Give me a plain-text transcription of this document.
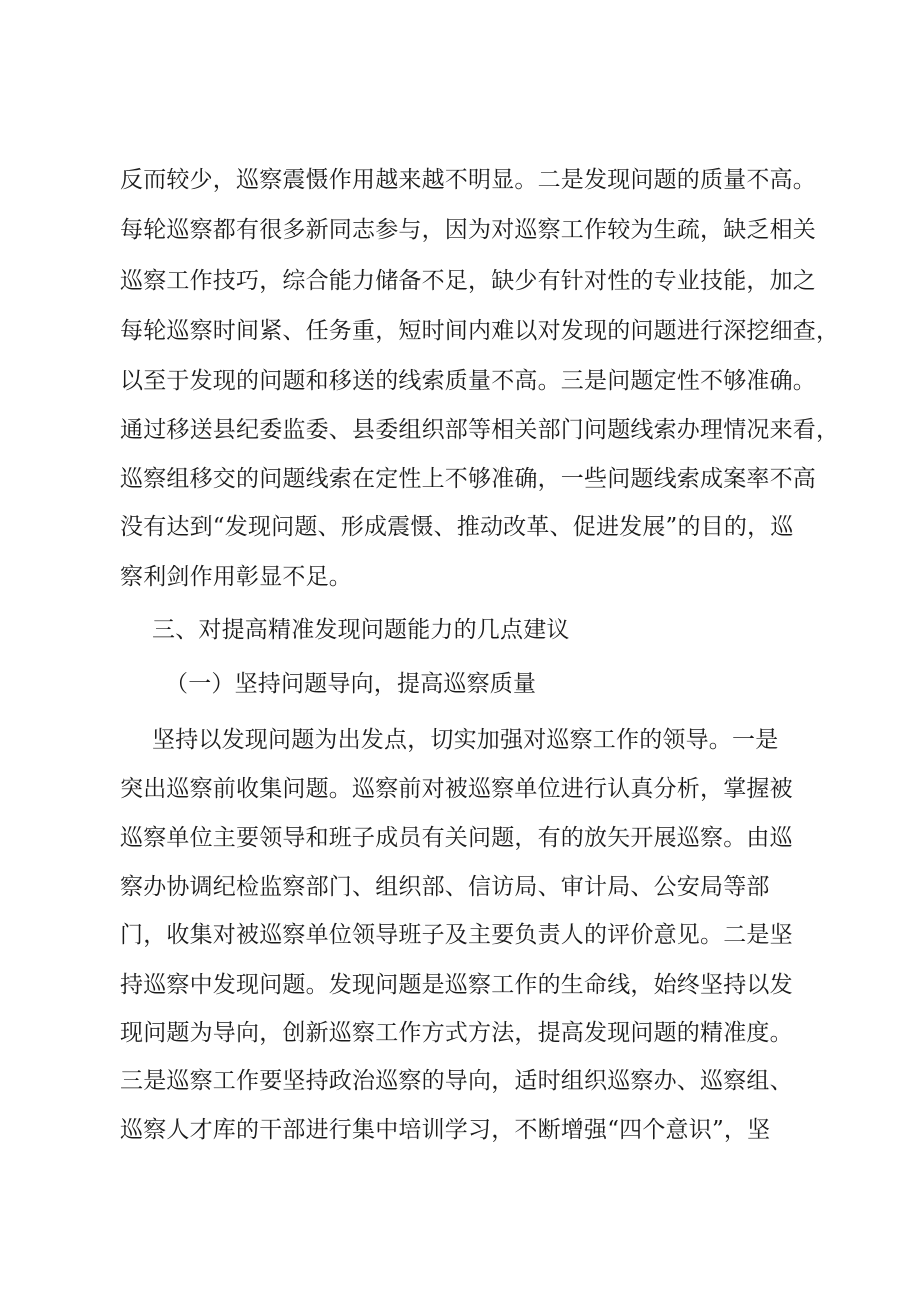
反而较少，巡察震慑作用越来越不明显。二是发现问题的质量不高。
每轮巡察都有很多新同志参与，因为对巡察工作较为生疏，缺乏相关
巡察工作技巧，综合能力储备不足，缺少有针对性的专业技能，加之
每轮巡察时间紧、任务重，短时间内难以对发现的问题进行深挖细查，
以至于发现的问题和移送的线索质量不高。三是问题定性不够准确。
通过移送县纪委监委、县委组织部等相关部门问题线索办理情况来看，
巡察组移交的问题线索在定性上不够准确，一些问题线索成案率不高
没有达到“发现问题、形成震慑、推动改革、促进发展”的目的，巡
察利剑作用彰显不足。
三、对提高精准发现问题能力的几点建议
（一）坚持问题导向，提高巡察质量
坚持以发现问题为出发点，切实加强对巡察工作的领导。一是
突出巡察前收集问题。巡察前对被巡察单位进行认真分析，掌握被
巡察单位主要领导和班子成员有关问题，有的放矢开展巡察。由巡
察办协调纪检监察部门、组织部、信访局、审计局、公安局等部
门，收集对被巡察单位领导班子及主要负责人的评价意见。二是坚
持巡察中发现问题。发现问题是巡察工作的生命线，始终坚持以发
现问题为导向，创新巡察工作方式方法，提高发现问题的精准度。
三是巡察工作要坚持政治巡察的导向，适时组织巡察办、巡察组、
巡察人才库的干部进行集中培训学习，不断增强“四个意识”，坚
